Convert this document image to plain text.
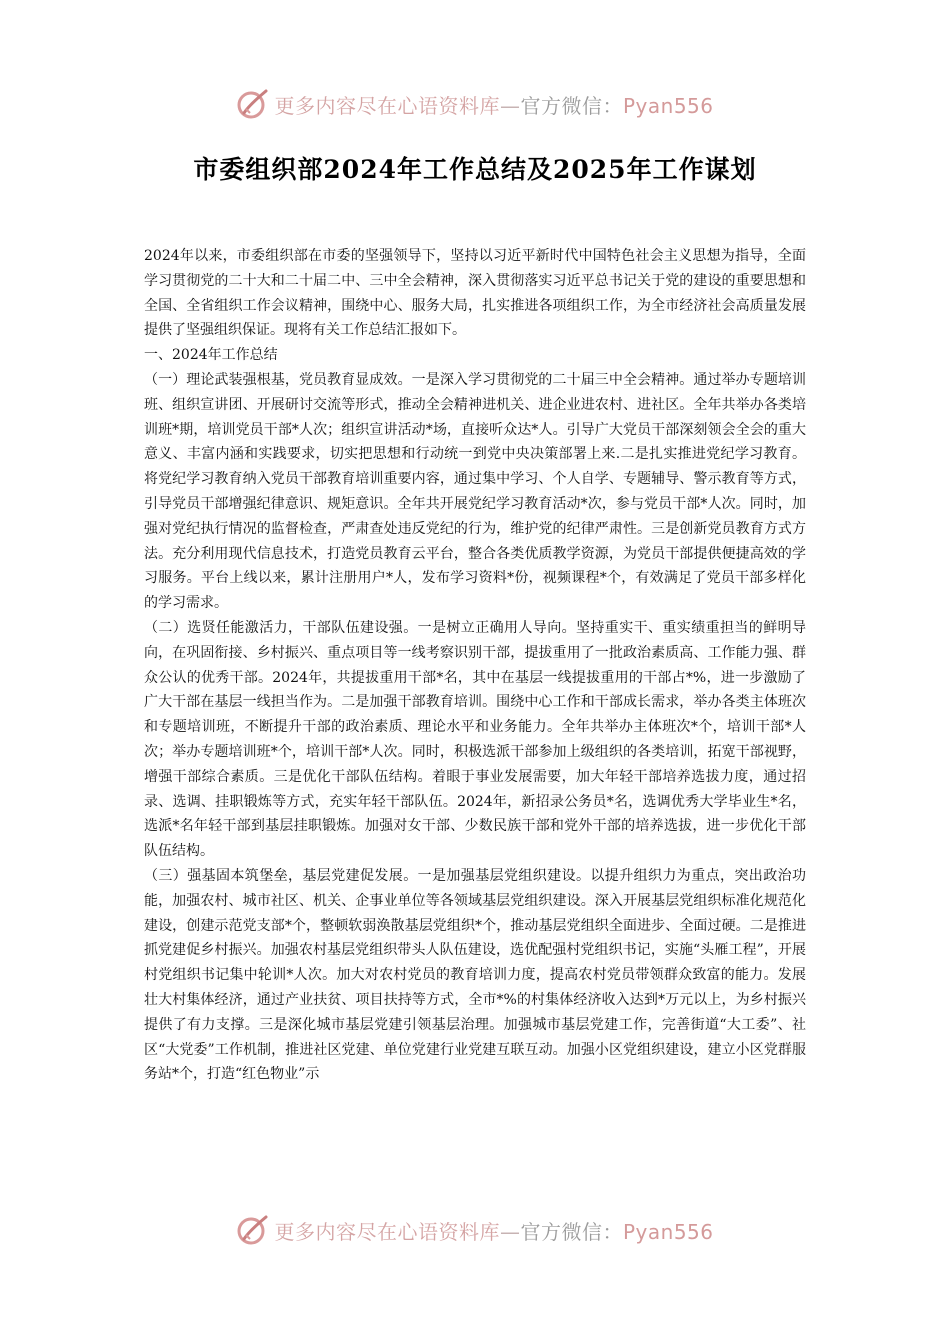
更多内容尽在心语资料库—官方微信：Pyan556
市委组织部2024年工作总结及2025年工作谋划

2024年以来，市委组织部在市委的坚强领导下，坚持以习近平新时代中国特色社会主义思想为指导，全面学习贯彻党的二十大和二十届二中、三中全会精神，深入贯彻落实习近平总书记关于党的建设的重要思想和全国、全省组织工作会议精神，围绕中心、服务大局，扎实推进各项组织工作，为全市经济社会高质量发展提供了坚强组织保证。现将有关工作总结汇报如下。

一、2024年工作总结

（一）理论武装强根基，党员教育显成效。一是深入学习贯彻党的二十届三中全会精神。通过举办专题培训班、组织宣讲团、开展研讨交流等形式，推动全会精神进机关、进企业进农村、进社区。全年共举办各类培训班*期，培训党员干部*人次；组织宣讲活动*场，直接听众达*人。引导广大党员干部深刻领会全会的重大意义、丰富内涵和实践要求，切实把思想和行动统一到党中央决策部署上来.二是扎实推进党纪学习教育。将党纪学习教育纳入党员干部教育培训重要内容，通过集中学习、个人自学、专题辅导、警示教育等方式，引导党员干部增强纪律意识、规矩意识。全年共开展党纪学习教育活动*次，参与党员干部*人次。同时，加强对党纪执行情况的监督检查，严肃查处违反党纪的行为，维护党的纪律严肃性。三是创新党员教育方式方法。充分利用现代信息技术，打造党员教育云平台，整合各类优质教学资源，为党员干部提供便捷高效的学习服务。平台上线以来，累计注册用户*人，发布学习资料*份，视频课程*个，有效满足了党员干部多样化的学习需求。

（二）选贤任能激活力，干部队伍建设强。一是树立正确用人导向。坚持重实干、重实绩重担当的鲜明导向，在巩固衔接、乡村振兴、重点项目等一线考察识别干部，提拔重用了一批政治素质高、工作能力强、群众公认的优秀干部。2024年，共提拔重用干部*名，其中在基层一线提拔重用的干部占*%，进一步激励了广大干部在基层一线担当作为。二是加强干部教育培训。围绕中心工作和干部成长需求，举办各类主体班次和专题培训班，不断提升干部的政治素质、理论水平和业务能力。全年共举办主体班次*个，培训干部*人次；举办专题培训班*个，培训干部*人次。同时，积极选派干部参加上级组织的各类培训，拓宽干部视野，增强干部综合素质。三是优化干部队伍结构。着眼于事业发展需要，加大年轻干部培养选拔力度，通过招录、选调、挂职锻炼等方式，充实年轻干部队伍。2024年，新招录公务员*名，选调优秀大学毕业生*名，选派*名年轻干部到基层挂职锻炼。加强对女干部、少数民族干部和党外干部的培养选拔，进一步优化干部队伍结构。

（三）强基固本筑堡垒，基层党建促发展。一是加强基层党组织建设。以提升组织力为重点，突出政治功能，加强农村、城市社区、机关、企事业单位等各领域基层党组织建设。深入开展基层党组织标准化规范化建设，创建示范党支部*个，整顿软弱涣散基层党组织*个，推动基层党组织全面进步、全面过硬。二是推进抓党建促乡村振兴。加强农村基层党组织带头人队伍建设，选优配强村党组织书记，实施“头雁工程”，开展村党组织书记集中轮训*人次。加大对农村党员的教育培训力度，提高农村党员带领群众致富的能力。发展壮大村集体经济，通过产业扶贫、项目扶持等方式，全市*%的村集体经济收入达到*万元以上，为乡村振兴提供了有力支撑。三是深化城市基层党建引领基层治理。加强城市基层党建工作，完善街道“大工委”、社区“大党委”工作机制，推进社区党建、单位党建行业党建互联互动。加强小区党组织建设，建立小区党群服务站*个，打造“红色物业”示

更多内容尽在心语资料库—官方微信：Pyan556
